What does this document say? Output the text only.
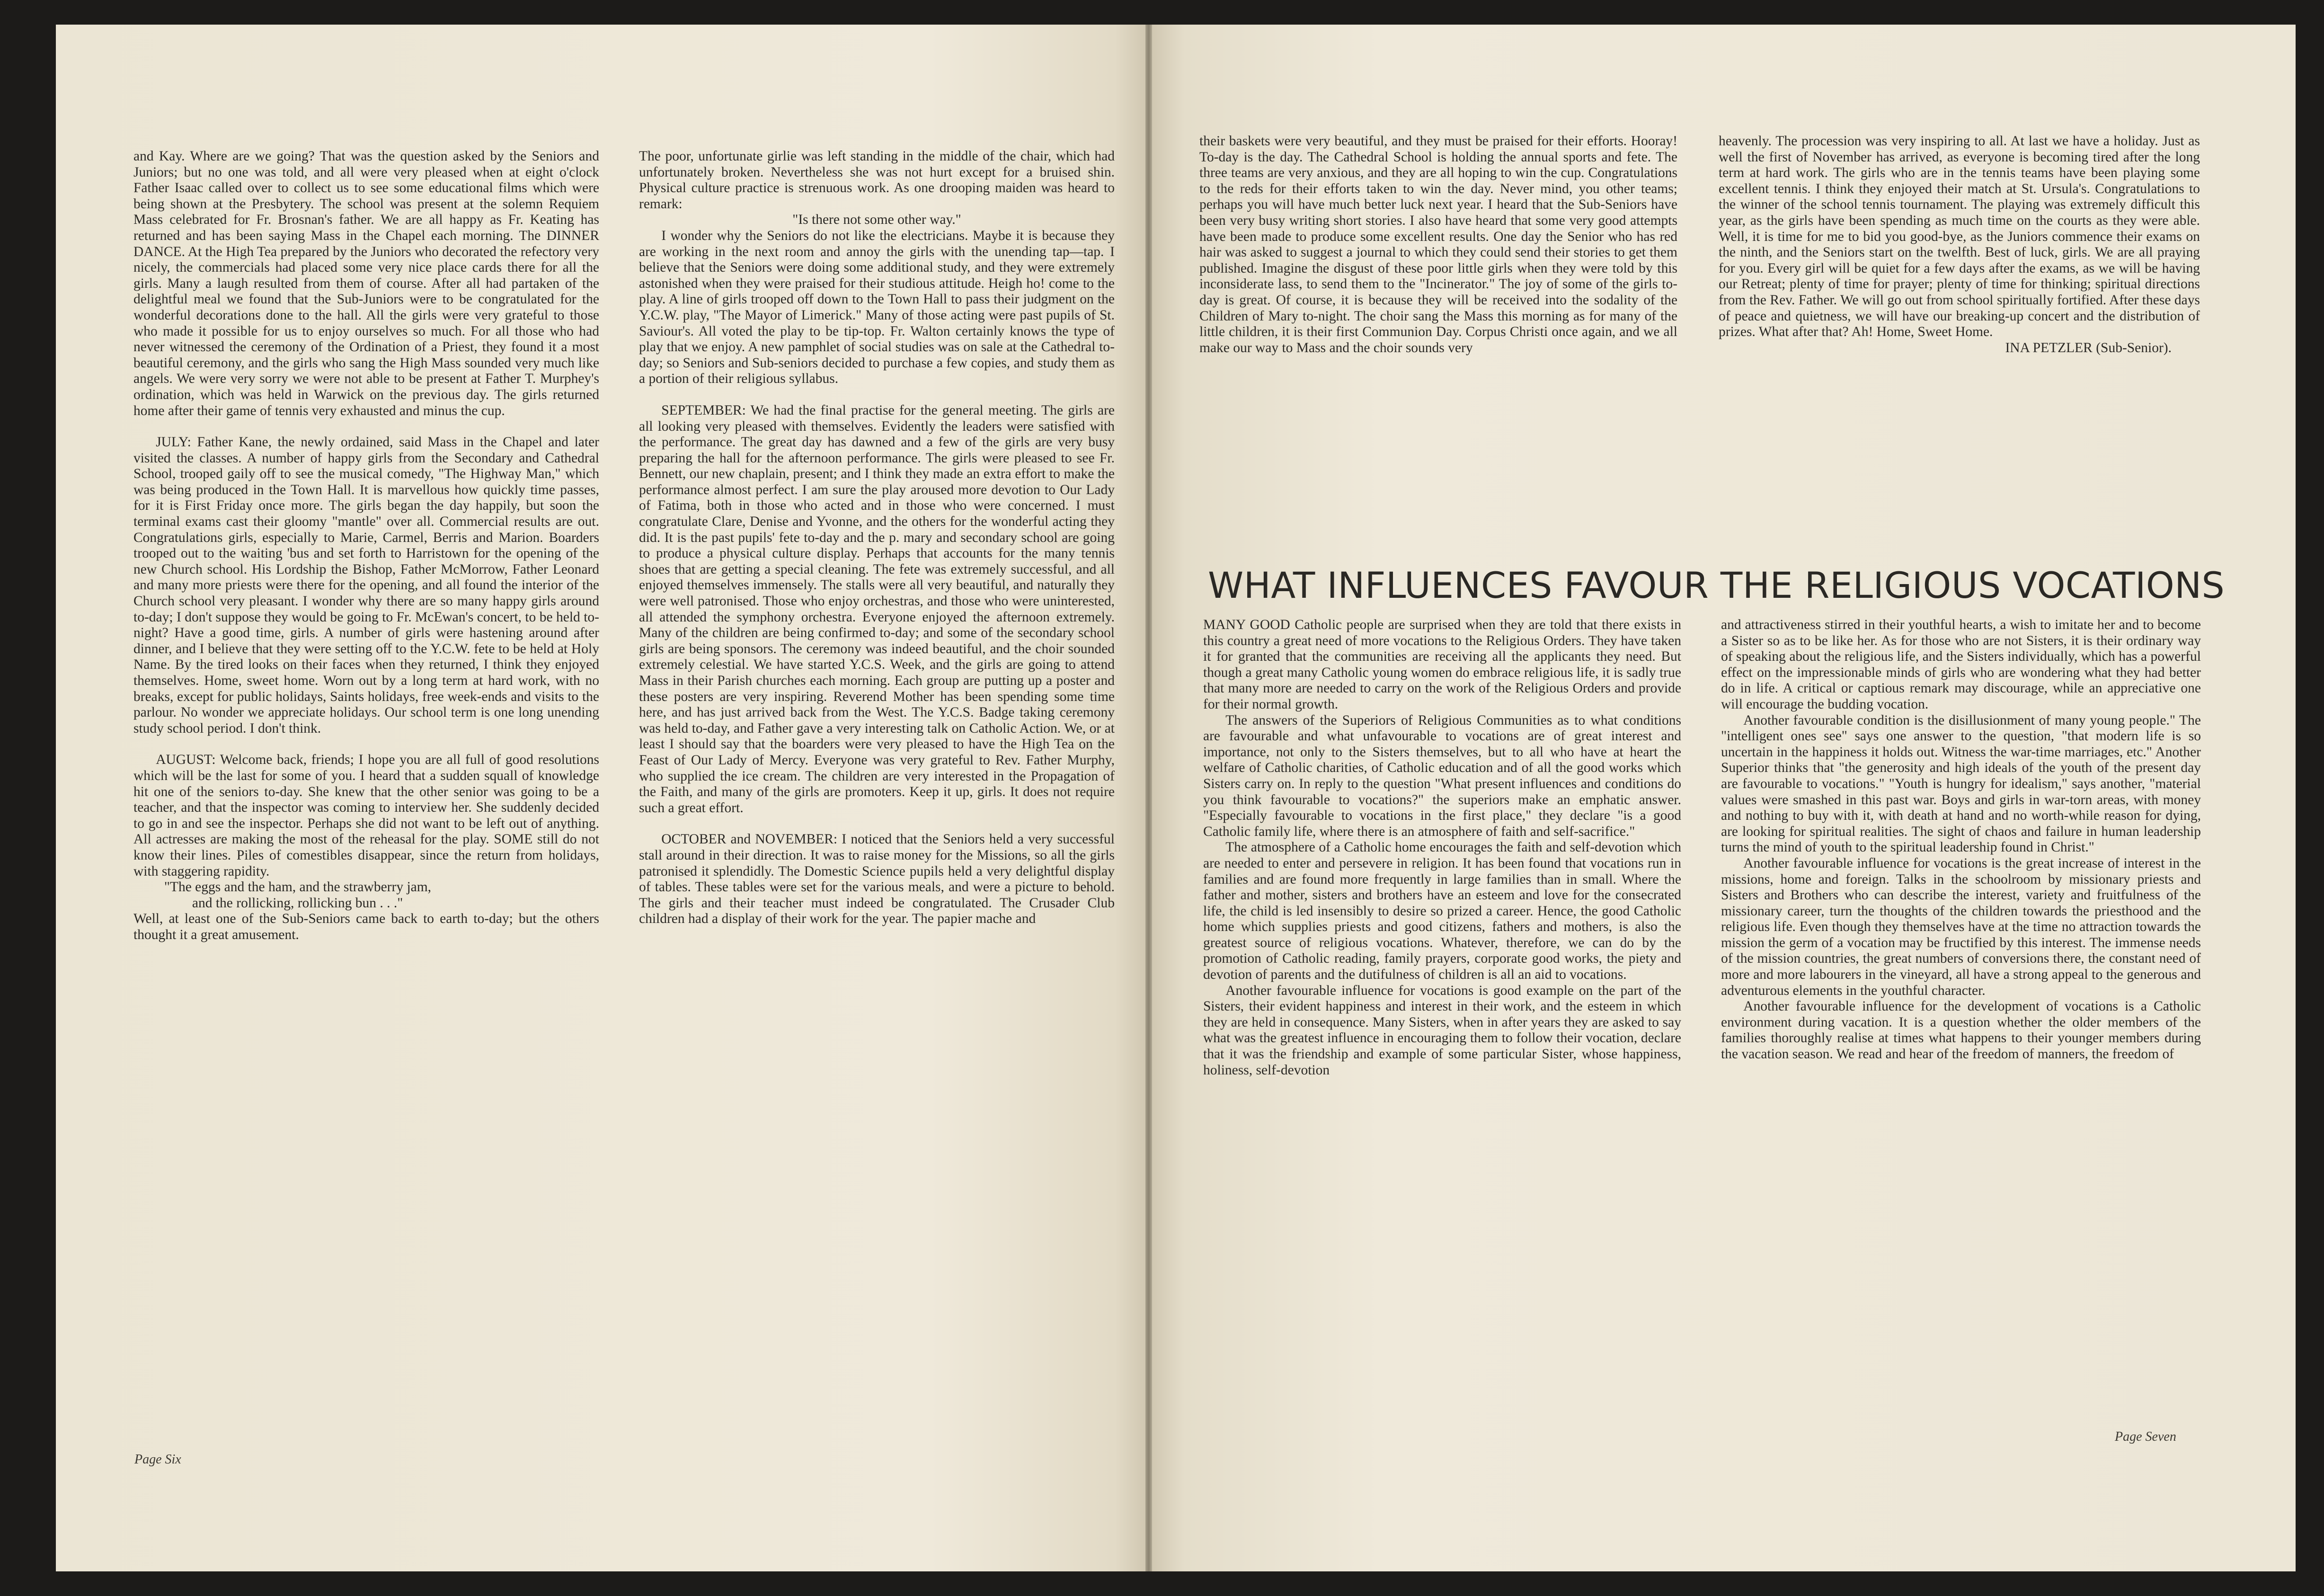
and Kay. Where are we going? That was the question asked by the Seniors and Juniors; but no one was told, and all were very pleased when at eight o'clock Father Isaac called over to collect us to see some educational films which were being shown at the Presbytery. The school was present at the solemn Requiem Mass celebrated for Fr. Brosnan's father. We are all happy as Fr. Keating has returned and has been saying Mass in the Chapel each morning. The DINNER DANCE. At the High Tea prepared by the Juniors who decorated the refectory very nicely, the commercials had placed some very nice place cards there for all the girls. Many a laugh resulted from them of course. After all had partaken of the delightful meal we found that the Sub-Juniors were to be congratulated for the wonderful decorations done to the hall. All the girls were very grateful to those who made it possible for us to enjoy ourselves so much. For all those who had never witnessed the ceremony of the Ordination of a Priest, they found it a most beautiful ceremony, and the girls who sang the High Mass sounded very much like angels. We were very sorry we were not able to be present at Father T. Murphey's ordination, which was held in Warwick on the previous day. The girls returned home after their game of tennis very exhausted and minus the cup.

JULY: Father Kane, the newly ordained, said Mass in the Chapel and later visited the classes. A number of happy girls from the Secondary and Cathedral School, trooped gaily off to see the musical comedy, "The Highway Man," which was being produced in the Town Hall. It is marvellous how quickly time passes, for it is First Friday once more. The girls began the day happily, but soon the terminal exams cast their gloomy "mantle" over all. Commercial results are out. Congratulations girls, especially to Marie, Carmel, Berris and Marion. Boarders trooped out to the waiting 'bus and set forth to Harristown for the opening of the new Church school. His Lordship the Bishop, Father McMorrow, Father Leonard and many more priests were there for the opening, and all found the interior of the Church school very pleasant. I wonder why there are so many happy girls around to-day; I don't suppose they would be going to Fr. McEwan's concert, to be held to-night? Have a good time, girls. A number of girls were hastening around after dinner, and I believe that they were setting off to the Y.C.W. fete to be held at Holy Name. By the tired looks on their faces when they returned, I think they enjoyed themselves. Home, sweet home. Worn out by a long term at hard work, with no breaks, except for public holidays, Saints holidays, free week-ends and visits to the parlour. No wonder we appreciate holidays. Our school term is one long unending study school period. I don't think.

AUGUST: Welcome back, friends; I hope you are all full of good resolutions which will be the last for some of you. I heard that a sudden squall of knowledge hit one of the seniors to-day. She knew that the other senior was going to be a teacher, and that the inspector was coming to interview her. She suddenly decided to go in and see the inspector. Perhaps she did not want to be left out of anything. All actresses are making the most of the reheasal for the play. SOME still do not know their lines. Piles of comestibles disappear, since the return from holidays, with staggering rapidity.

"The eggs and the ham, and the strawberry jam,

and the rollicking, rollicking bun . . ."

Well, at least one of the Sub-Seniors came back to earth to-day; but the others thought it a great amusement.

The poor, unfortunate girlie was left standing in the middle of the chair, which had unfortunately broken. Nevertheless she was not hurt except for a bruised shin. Physical culture practice is strenuous work. As one drooping maiden was heard to remark:

"Is there not some other way."

I wonder why the Seniors do not like the electricians. Maybe it is because they are working in the next room and annoy the girls with the unending tap—tap. I believe that the Seniors were doing some additional study, and they were extremely astonished when they were praised for their studious attitude. Heigh ho! come to the play. A line of girls trooped off down to the Town Hall to pass their judgment on the Y.C.W. play, "The Mayor of Limerick." Many of those acting were past pupils of St. Saviour's. All voted the play to be tip-top. Fr. Walton certainly knows the type of play that we enjoy. A new pamphlet of social studies was on sale at the Cathedral to-day; so Seniors and Sub-seniors decided to purchase a few copies, and study them as a portion of their religious syllabus.

SEPTEMBER: We had the final practise for the general meeting. The girls are all looking very pleased with themselves. Evidently the leaders were satisfied with the performance. The great day has dawned and a few of the girls are very busy preparing the hall for the afternoon performance. The girls were pleased to see Fr. Bennett, our new chaplain, present; and I think they made an extra effort to make the performance almost perfect. I am sure the play aroused more devotion to Our Lady of Fatima, both in those who acted and in those who were concerned. I must congratulate Clare, Denise and Yvonne, and the others for the wonderful acting they did. It is the past pupils' fete to-day and the p. mary and secondary school are going to produce a physical culture display. Perhaps that accounts for the many tennis shoes that are getting a special cleaning. The fete was extremely successful, and all enjoyed themselves immensely. The stalls were all very beautiful, and naturally they were well patronised. Those who enjoy orchestras, and those who were uninterested, all attended the symphony orchestra. Everyone enjoyed the afternoon extremely. Many of the children are being confirmed to-day; and some of the secondary school girls are being sponsors. The ceremony was indeed beautiful, and the choir sounded extremely celestial. We have started Y.C.S. Week, and the girls are going to attend Mass in their Parish churches each morning. Each group are putting up a poster and these posters are very inspiring. Reverend Mother has been spending some time here, and has just arrived back from the West. The Y.C.S. Badge taking ceremony was held to-day, and Father gave a very interesting talk on Catholic Action. We, or at least I should say that the boarders were very pleased to have the High Tea on the Feast of Our Lady of Mercy. Everyone was very grateful to Rev. Father Murphy, who supplied the ice cream. The children are very interested in the Propagation of the Faith, and many of the girls are promoters. Keep it up, girls. It does not require such a great effort.

OCTOBER and NOVEMBER: I noticed that the Seniors held a very successful stall around in their direction. It was to raise money for the Missions, so all the girls patronised it splendidly. The Domestic Science pupils held a very delightful display of tables. These tables were set for the various meals, and were a picture to behold. The girls and their teacher must indeed be congratulated. The Crusader Club children had a display of their work for the year. The papier mache and

Page Six

their baskets were very beautiful, and they must be praised for their efforts. Hooray! To-day is the day. The Cathedral School is holding the annual sports and fete. The three teams are very anxious, and they are all hoping to win the cup. Congratulations to the reds for their efforts taken to win the day. Never mind, you other teams; perhaps you will have much better luck next year. I heard that the Sub-Seniors have been very busy writing short stories. I also have heard that some very good attempts have been made to produce some excellent results. One day the Senior who has red hair was asked to suggest a journal to which they could send their stories to get them published. Imagine the disgust of these poor little girls when they were told by this inconsiderate lass, to send them to the "Incinerator." The joy of some of the girls to-day is great. Of course, it is because they will be received into the sodality of the Children of Mary to-night. The choir sang the Mass this morning as for many of the little children, it is their first Communion Day. Corpus Christi once again, and we all make our way to Mass and the choir sounds very

heavenly. The procession was very inspiring to all. At last we have a holiday. Just as well the first of November has arrived, as everyone is becoming tired after the long term at hard work. The girls who are in the tennis teams have been playing some excellent tennis. I think they enjoyed their match at St. Ursula's. Congratulations to the winner of the school tennis tournament. The playing was extremely difficult this year, as the girls have been spending as much time on the courts as they were able. Well, it is time for me to bid you good-bye, as the Juniors commence their exams on the ninth, and the Seniors start on the twelfth. Best of luck, girls. We are all praying for you. Every girl will be quiet for a few days after the exams, as we will be having our Retreat; plenty of time for prayer; plenty of time for thinking; spiritual directions from the Rev. Father. We will go out from school spiritually fortified. After these days of peace and quietness, we will have our breaking-up concert and the distribution of prizes. What after that? Ah! Home, Sweet Home.

INA PETZLER (Sub-Senior).

WHAT INFLUENCES FAVOUR THE RELIGIOUS VOCATIONS

MANY GOOD Catholic people are surprised when they are told that there exists in this country a great need of more vocations to the Religious Orders. They have taken it for granted that the communities are receiving all the applicants they need. But though a great many Catholic young women do embrace religious life, it is sadly true that many more are needed to carry on the work of the Religious Orders and provide for their normal growth.

The answers of the Superiors of Religious Communities as to what conditions are favourable and what unfavourable to vocations are of great interest and importance, not only to the Sisters themselves, but to all who have at heart the welfare of Catholic charities, of Catholic education and of all the good works which Sisters carry on. In reply to the question "What present influences and conditions do you think favourable to vocations?" the superiors make an emphatic answer. "Especially favourable to vocations in the first place," they declare "is a good Catholic family life, where there is an atmosphere of faith and self-sacrifice."

The atmosphere of a Catholic home encourages the faith and self-devotion which are needed to enter and persevere in religion. It has been found that vocations run in families and are found more frequently in large families than in small. Where the father and mother, sisters and brothers have an esteem and love for the consecrated life, the child is led insensibly to desire so prized a career. Hence, the good Catholic home which supplies priests and good citizens, fathers and mothers, is also the greatest source of religious vocations. Whatever, therefore, we can do by the promotion of Catholic reading, family prayers, corporate good works, the piety and devotion of parents and the dutifulness of children is all an aid to vocations.

Another favourable influence for vocations is good example on the part of the Sisters, their evident happiness and interest in their work, and the esteem in which they are held in consequence. Many Sisters, when in after years they are asked to say what was the greatest influence in encouraging them to follow their vocation, declare that it was the friendship and example of some particular Sister, whose happiness, holiness, self-devotion

and attractiveness stirred in their youthful hearts, a wish to imitate her and to become a Sister so as to be like her. As for those who are not Sisters, it is their ordinary way of speaking about the religious life, and the Sisters individually, which has a powerful effect on the impressionable minds of girls who are wondering what they had better do in life. A critical or captious remark may discourage, while an appreciative one will encourage the budding vocation.

Another favourable condition is the disillusionment of many young people." The "intelligent ones see" says one answer to the question, "that modern life is so uncertain in the happiness it holds out. Witness the war-time marriages, etc." Another Superior thinks that "the generosity and high ideals of the youth of the present day are favourable to vocations." "Youth is hungry for idealism," says another, "material values were smashed in this past war. Boys and girls in war-torn areas, with money and nothing to buy with it, with death at hand and no worth-while reason for dying, are looking for spiritual realities. The sight of chaos and failure in human leadership turns the mind of youth to the spiritual leadership found in Christ."

Another favourable influence for vocations is the great increase of interest in the missions, home and foreign. Talks in the schoolroom by missionary priests and Sisters and Brothers who can describe the interest, variety and fruitfulness of the missionary career, turn the thoughts of the children towards the priesthood and the religious life. Even though they themselves have at the time no attraction towards the mission the germ of a vocation may be fructified by this interest. The immense needs of the mission countries, the great numbers of conversions there, the constant need of more and more labourers in the vineyard, all have a strong appeal to the generous and adventurous elements in the youthful character.

Another favourable influence for the development of vocations is a Catholic environment during vacation. It is a question whether the older members of the families thoroughly realise at times what happens to their younger members during the vacation season. We read and hear of the freedom of manners, the freedom of

Page Seven
